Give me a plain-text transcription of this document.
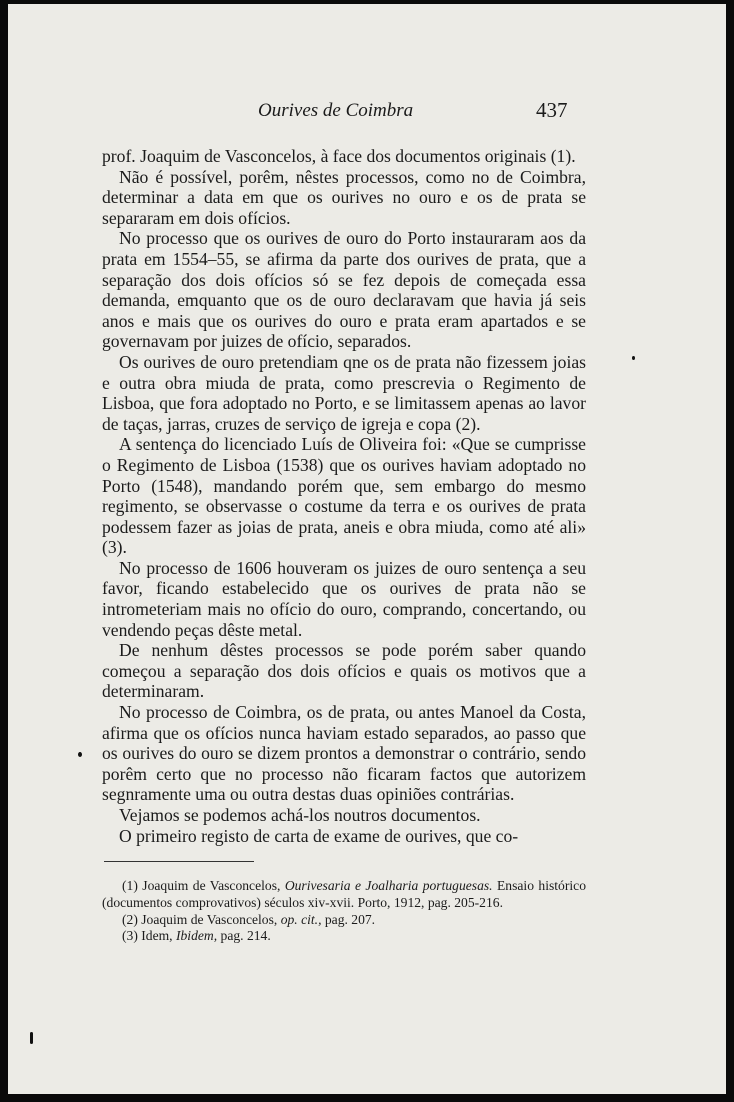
Ourives de Coimbra	437

prof. Joaquim de Vasconcelos, à face dos documentos originais (1).

Não é possível, porêm, nêstes processos, como no de Coimbra, determinar a data em que os ourives no ouro e os de prata se separaram em dois ofícios.

No processo que os ourives de ouro do Porto instauraram aos da prata em 1554–55, se afirma da parte dos ourives de prata, que a separação dos dois ofícios só se fez depois de começada essa demanda, emquanto que os de ouro declaravam que havia já seis anos e mais que os ourives do ouro e prata eram apartados e se governavam por juizes de ofício, separados.

Os ourives de ouro pretendiam qne os de prata não fizessem joias e outra obra miuda de prata, como prescrevia o Regimento de Lisboa, que fora adoptado no Porto, e se limitassem apenas ao lavor de taças, jarras, cruzes de serviço de igreja e copa (2).

A sentença do licenciado Luís de Oliveira foi: «Que se cumprisse o Regimento de Lisboa (1538) que os ourives haviam adoptado no Porto (1548), mandando porém que, sem embargo do mesmo regimento, se observasse o costume da terra e os ourives de prata podessem fazer as joias de prata, aneis e obra miuda, como até ali» (3).

No processo de 1606 houveram os juizes de ouro sentença a seu favor, ficando estabelecido que os ourives de prata não se intrometeriam mais no ofício do ouro, comprando, concertando, ou vendendo peças dêste metal.

De nenhum dêstes processos se pode porém saber quando começou a separação dos dois ofícios e quais os motivos que a determinaram.

No processo de Coimbra, os de prata, ou antes Manoel da Costa, afirma que os ofícios nunca haviam estado separados, ao passo que os ourives do ouro se dizem prontos a demonstrar o contrário, sendo porêm certo que no processo não ficaram factos que autorizem segnramente uma ou outra destas duas opiniões contrárias.

Vejamos se podemos achá-los noutros documentos.

O primeiro registo de carta de exame de ourives, que co-

(1) Joaquim de Vasconcelos, Ourivesaria e Joalharia portuguesas. Ensaio histórico (documentos comprovativos) séculos xiv-xvii. Porto, 1912, pag. 205-216.

(2) Joaquim de Vasconcelos, op. cit., pag. 207.

(3) Idem, Ibidem, pag. 214.
